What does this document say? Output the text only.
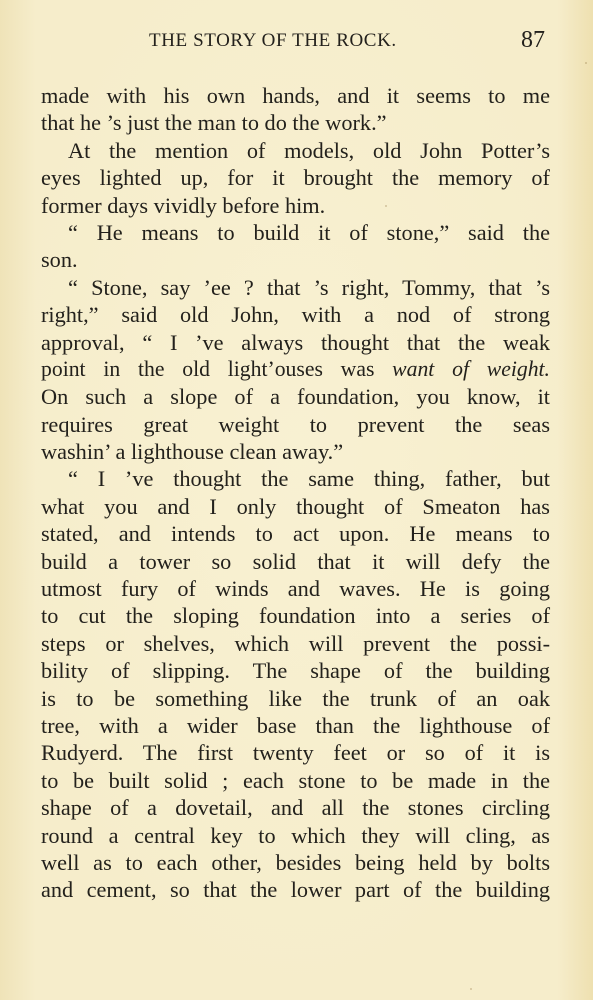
THE STORY OF THE ROCK.	87
made with his own hands, and it seems to me
that he ’s just the man to do the work.”
At the mention of models, old John Potter’s
eyes lighted up, for it brought the memory of
former days vividly before him.
“ He means to build it of stone,” said the
son.
“ Stone, say ’ee ? that ’s right, Tommy, that ’s
right,” said old John, with a nod of strong
approval, “ I ’ve always thought that the weak
point in the old light’ouses was want of weight.
On such a slope of a foundation, you know, it
requires great weight to prevent the seas
washin’ a lighthouse clean away.”
“ I ’ve thought the same thing, father, but
what you and I only thought of Smeaton has
stated, and intends to act upon. He means to
build a tower so solid that it will defy the
utmost fury of winds and waves. He is going
to cut the sloping foundation into a series of
steps or shelves, which will prevent the possi-
bility of slipping. The shape of the building
is to be something like the trunk of an oak
tree, with a wider base than the lighthouse of
Rudyerd. The first twenty feet or so of it is
to be built solid ; each stone to be made in the
shape of a dovetail, and all the stones circling
round a central key to which they will cling, as
well as to each other, besides being held by bolts
and cement, so that the lower part of the building
